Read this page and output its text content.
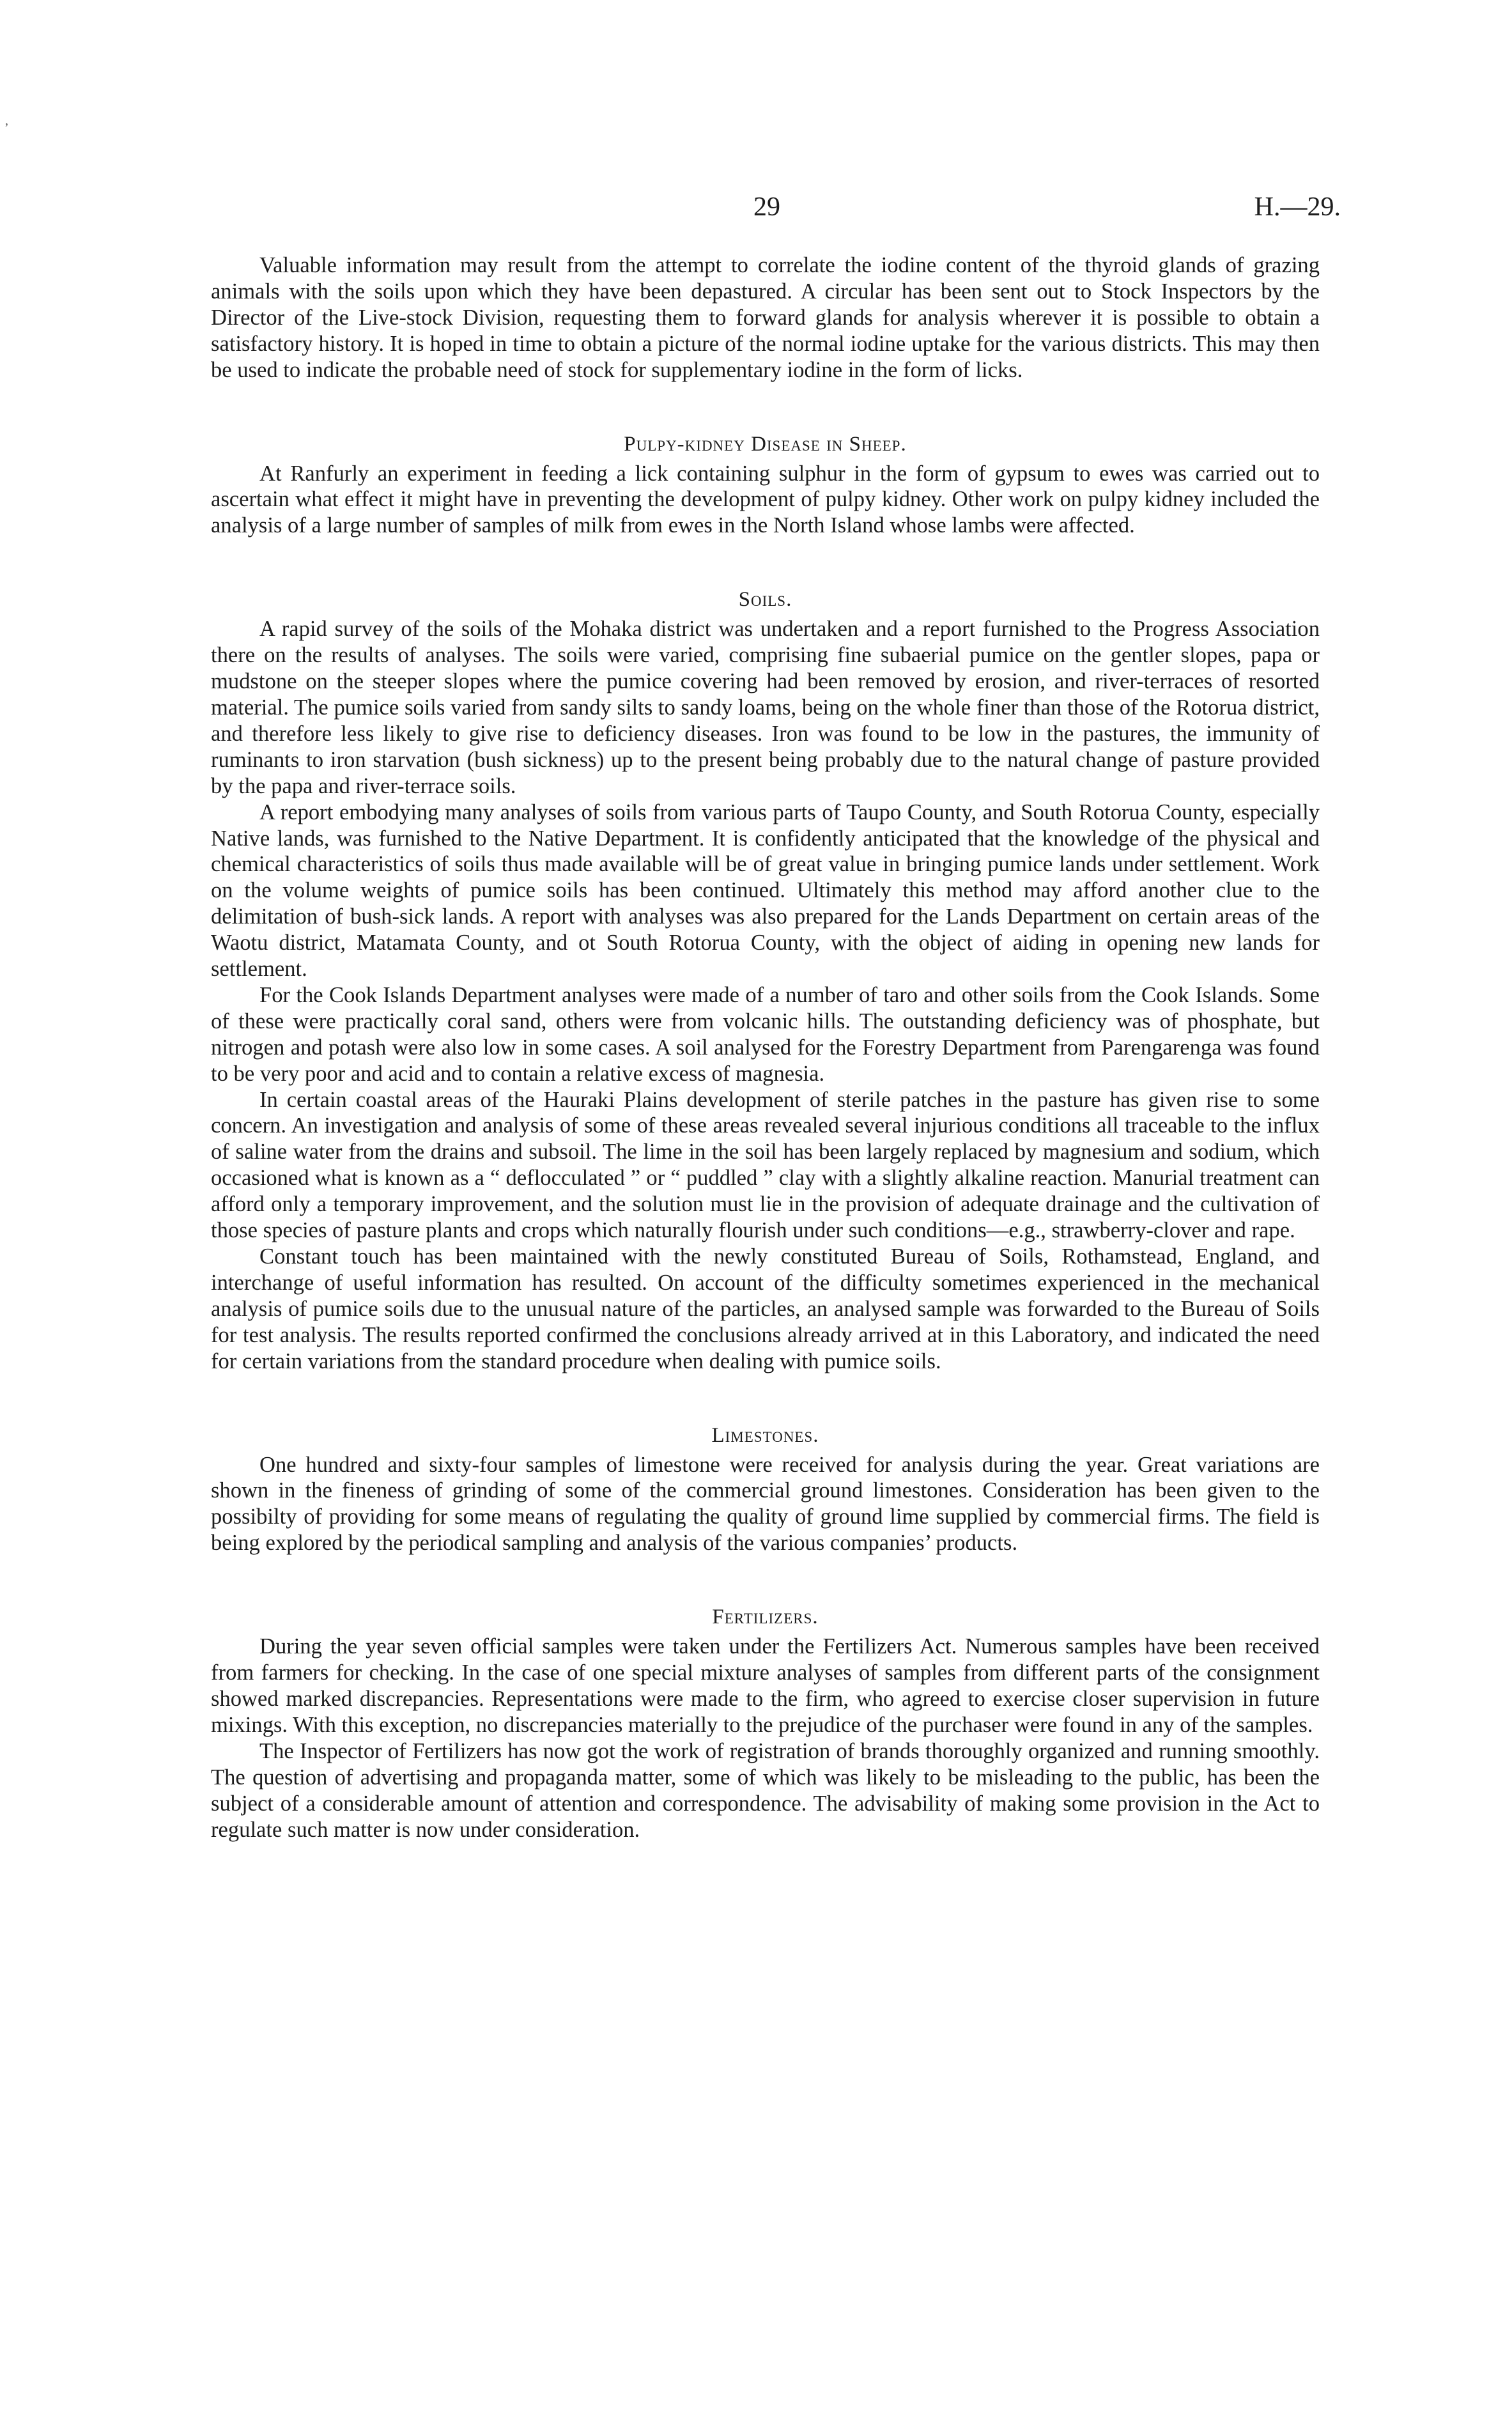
,
29	H.—29.

Valuable information may result from the attempt to correlate the iodine content of the thyroid glands of grazing animals with the soils upon which they have been depastured. A circular has been sent out to Stock Inspectors by the Director of the Live-stock Division, requesting them to forward glands for analysis wherever it is possible to obtain a satisfactory history. It is hoped in time to obtain a picture of the normal iodine uptake for the various districts. This may then be used to indicate the probable need of stock for supplementary iodine in the form of licks.

Pulpy-kidney Disease in Sheep.

At Ranfurly an experiment in feeding a lick containing sulphur in the form of gypsum to ewes was carried out to ascertain what effect it might have in preventing the development of pulpy kidney. Other work on pulpy kidney included the analysis of a large number of samples of milk from ewes in the North Island whose lambs were affected.

Soils.

A rapid survey of the soils of the Mohaka district was undertaken and a report furnished to the Progress Association there on the results of analyses. The soils were varied, comprising fine subaerial pumice on the gentler slopes, papa or mudstone on the steeper slopes where the pumice covering had been removed by erosion, and river-terraces of resorted material. The pumice soils varied from sandy silts to sandy loams, being on the whole finer than those of the Rotorua district, and therefore less likely to give rise to deficiency diseases. Iron was found to be low in the pastures, the immunity of ruminants to iron starvation (bush sickness) up to the present being probably due to the natural change of pasture provided by the papa and river-terrace soils.

A report embodying many analyses of soils from various parts of Taupo County, and South Rotorua County, especially Native lands, was furnished to the Native Department. It is confidently anticipated that the knowledge of the physical and chemical characteristics of soils thus made available will be of great value in bringing pumice lands under settlement. Work on the volume weights of pumice soils has been continued. Ultimately this method may afford another clue to the delimitation of bush-sick lands. A report with analyses was also prepared for the Lands Department on certain areas of the Waotu district, Matamata County, and ot South Rotorua County, with the object of aiding in opening new lands for settlement.

For the Cook Islands Department analyses were made of a number of taro and other soils from the Cook Islands. Some of these were practically coral sand, others were from volcanic hills. The outstanding deficiency was of phosphate, but nitrogen and potash were also low in some cases. A soil analysed for the Forestry Department from Parengarenga was found to be very poor and acid and to contain a relative excess of magnesia.

In certain coastal areas of the Hauraki Plains development of sterile patches in the pasture has given rise to some concern. An investigation and analysis of some of these areas revealed several injurious conditions all traceable to the influx of saline water from the drains and subsoil. The lime in the soil has been largely replaced by magnesium and sodium, which occasioned what is known as a “ deflocculated ” or “ puddled ” clay with a slightly alkaline reaction. Manurial treatment can afford only a temporary improvement, and the solution must lie in the provision of adequate drainage and the cultivation of those species of pasture plants and crops which naturally flourish under such conditions—e.g., strawberry-clover and rape.

Constant touch has been maintained with the newly constituted Bureau of Soils, Rothamstead, England, and interchange of useful information has resulted. On account of the difficulty sometimes experienced in the mechanical analysis of pumice soils due to the unusual nature of the particles, an analysed sample was forwarded to the Bureau of Soils for test analysis. The results reported confirmed the conclusions already arrived at in this Laboratory, and indicated the need for certain variations from the standard procedure when dealing with pumice soils.

Limestones.

One hundred and sixty-four samples of limestone were received for analysis during the year. Great variations are shown in the fineness of grinding of some of the commercial ground limestones. Consideration has been given to the possibilty of providing for some means of regulating the quality of ground lime supplied by commercial firms. The field is being explored by the periodical sampling and analysis of the various companies’ products.

Fertilizers.

During the year seven official samples were taken under the Fertilizers Act. Numerous samples have been received from farmers for checking. In the case of one special mixture analyses of samples from different parts of the consignment showed marked discrepancies. Representations were made to the firm, who agreed to exercise closer supervision in future mixings. With this exception, no discrepancies materially to the prejudice of the purchaser were found in any of the samples.

The Inspector of Fertilizers has now got the work of registration of brands thoroughly organized and running smoothly. The question of advertising and propaganda matter, some of which was likely to be misleading to the public, has been the subject of a considerable amount of attention and correspondence. The advisability of making some provision in the Act to regulate such matter is now under consideration.
